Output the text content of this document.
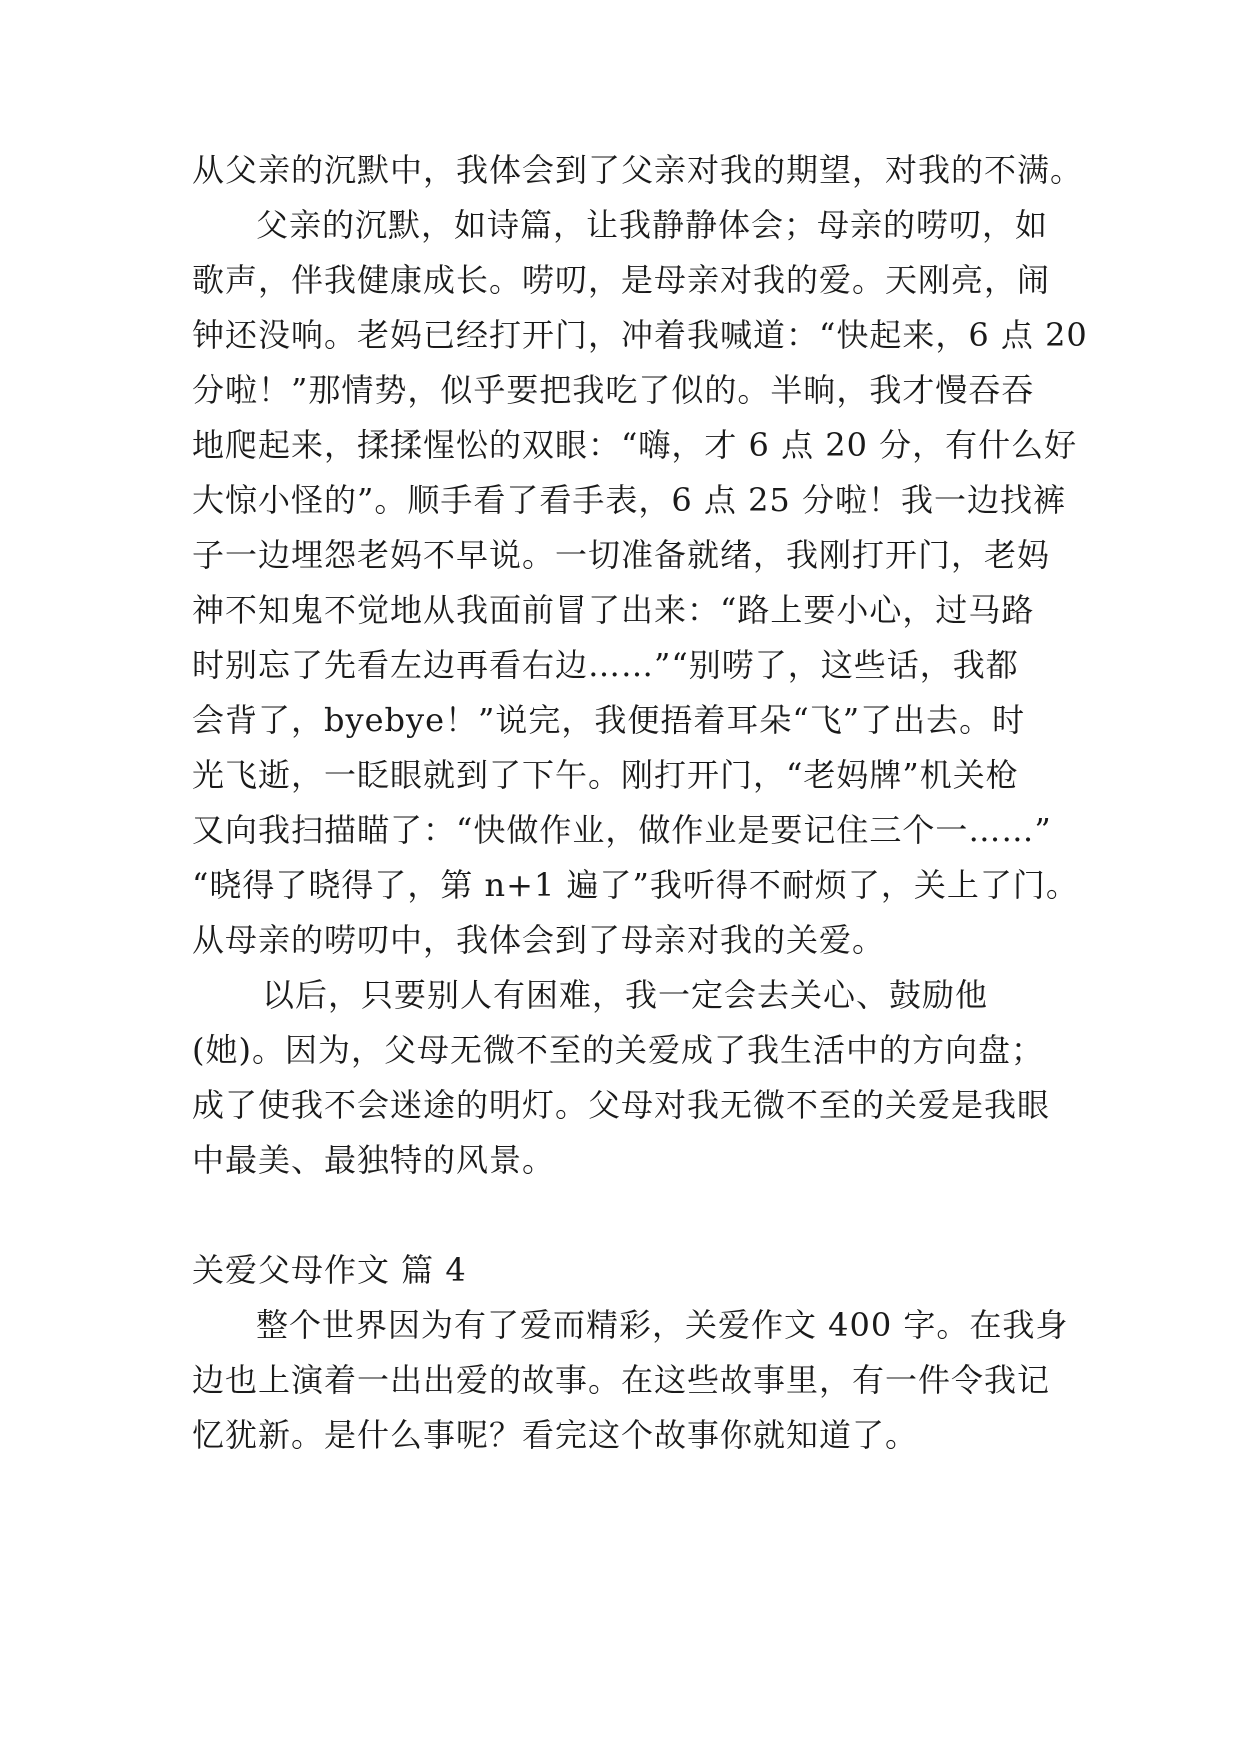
从父亲的沉默中，我体会到了父亲对我的期望，对我的不满。
父亲的沉默，如诗篇，让我静静体会；母亲的唠叨，如
歌声，伴我健康成长。唠叨，是母亲对我的爱。天刚亮，闹
钟还没响。老妈已经打开门，冲着我喊道：“快起来，6 点 20
分啦！”那情势，似乎要把我吃了似的。半晌，我才慢吞吞
地爬起来，揉揉惺忪的双眼：“嗨，才 6 点 20 分，有什么好
大惊小怪的”。顺手看了看手表，6 点 25 分啦！我一边找裤
子一边埋怨老妈不早说。一切准备就绪，我刚打开门，老妈
神不知鬼不觉地从我面前冒了出来：“路上要小心，过马路
时别忘了先看左边再看右边……”“别唠了，这些话，我都
会背了，byebye！”说完，我便捂着耳朵“飞”了出去。时
光飞逝，一眨眼就到了下午。刚打开门，“老妈牌”机关枪
又向我扫描瞄了：“快做作业，做作业是要记住三个一……”
“晓得了晓得了，第 n+1 遍了”我听得不耐烦了，关上了门。
从母亲的唠叨中，我体会到了母亲对我的关爱。
以后，只要别人有困难，我一定会去关心、鼓励他
(她)。因为，父母无微不至的关爱成了我生活中的方向盘；
成了使我不会迷途的明灯。父母对我无微不至的关爱是我眼
中最美、最独特的风景。
关爱父母作文 篇 4
整个世界因为有了爱而精彩，关爱作文 400 字。在我身
边也上演着一出出爱的故事。在这些故事里，有一件令我记
忆犹新。是什么事呢？看完这个故事你就知道了。
